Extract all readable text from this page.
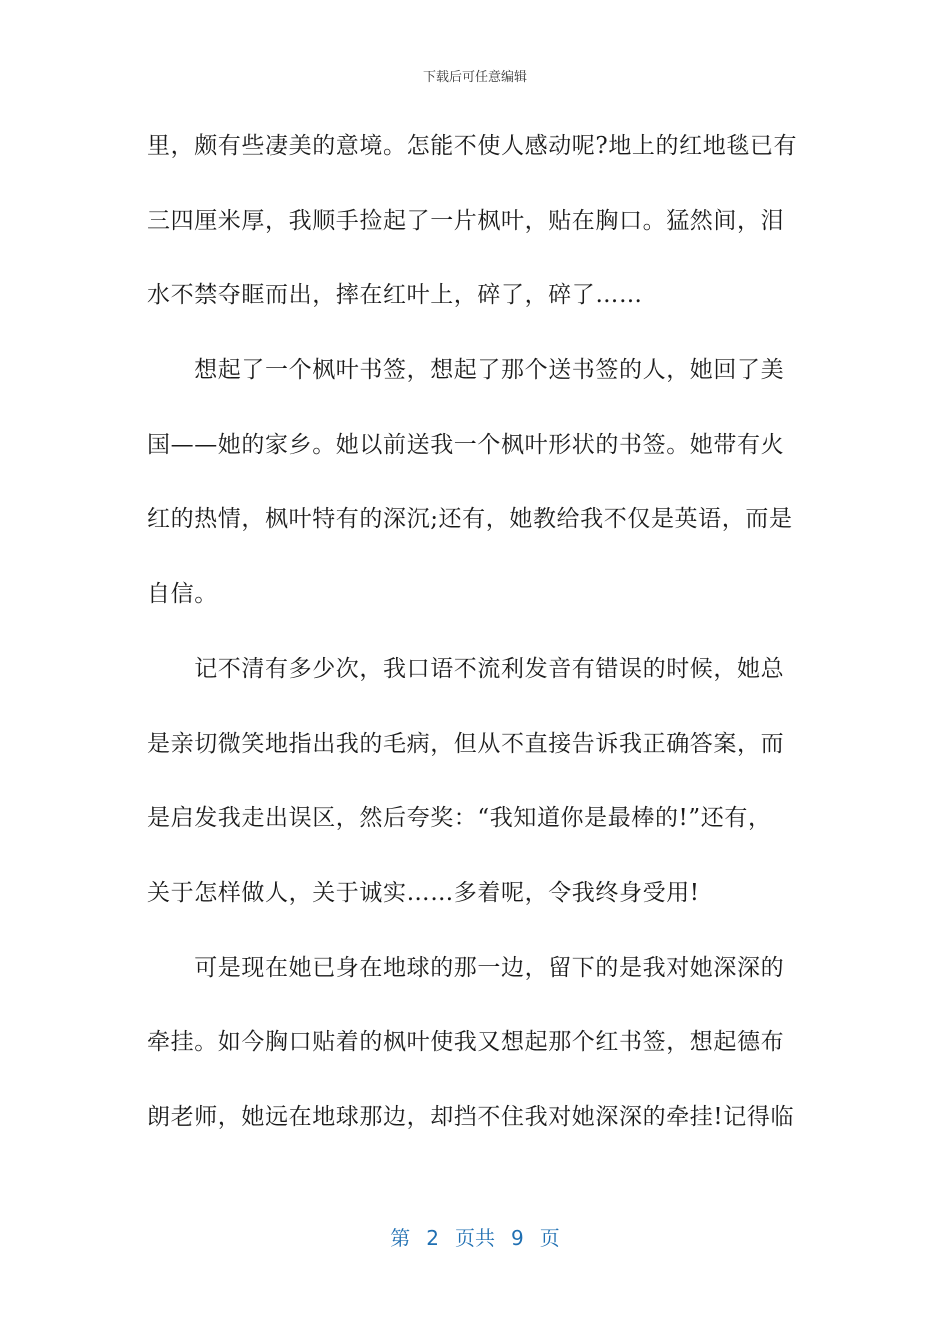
下载后可任意编辑
里，颇有些凄美的意境。怎能不使人感动呢?地上的红地毯已有
三四厘米厚，我顺手捡起了一片枫叶，贴在胸口。猛然间，泪
水不禁夺眶而出，摔在红叶上，碎了，碎了……
　　想起了一个枫叶书签，想起了那个送书签的人，她回了美
国——她的家乡。她以前送我一个枫叶形状的书签。她带有火
红的热情，枫叶特有的深沉;还有，她教给我不仅是英语，而是
自信。
　　记不清有多少次，我口语不流利发音有错误的时候，她总
是亲切微笑地指出我的毛病，但从不直接告诉我正确答案，而
是启发我走出误区，然后夸奖：“我知道你是最棒的!”还有，
关于怎样做人，关于诚实……多着呢，令我终身受用!
　　可是现在她已身在地球的那一边，留下的是我对她深深的
牵挂。如今胸口贴着的枫叶使我又想起那个红书签，想起德布
朗老师，她远在地球那边，却挡不住我对她深深的牵挂!记得临
第 2 页共 9 页
